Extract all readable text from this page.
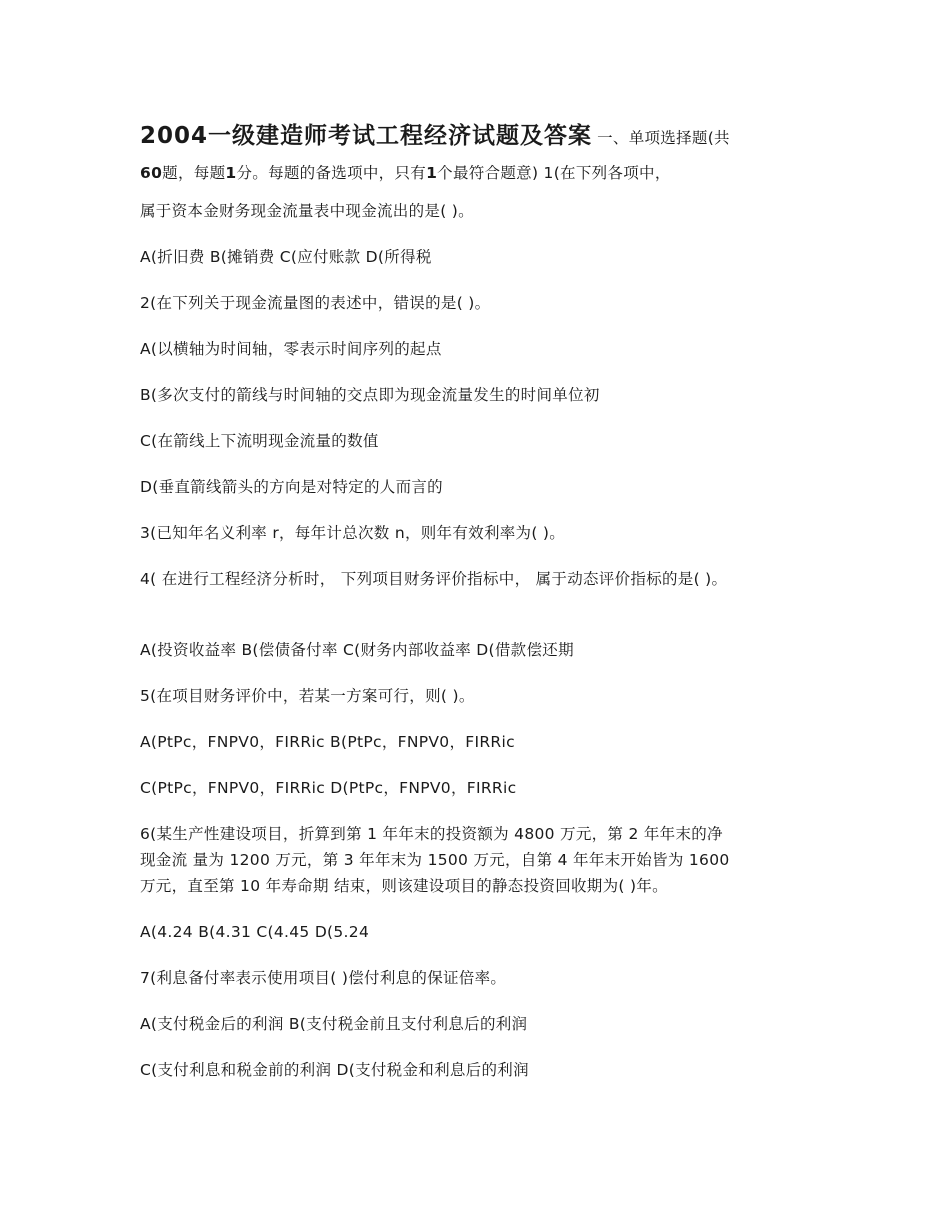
2004一级建造师考试工程经济试题及答案 一、单项选择题(共
60题，每题1分。每题的备选项中，只有1个最符合题意) 1(在下列各项中，
属于资本金财务现金流量表中现金流出的是( )。
A(折旧费 B(摊销费 C(应付账款 D(所得税
2(在下列关于现金流量图的表述中，错误的是( )。
A(以横轴为时间轴，零表示时间序列的起点
B(多次支付的箭线与时间轴的交点即为现金流量发生的时间单位初
C(在箭线上下流明现金流量的数值
D(垂直箭线箭头的方向是对特定的人而言的
3(已知年名义利率 r，每年计总次数 n，则年有效利率为( )。
4( 在进行工程经济分析时， 下列项目财务评价指标中， 属于动态评价指标的是( )。
A(投资收益率 B(偿债备付率 C(财务内部收益率 D(借款偿还期
5(在项目财务评价中，若某一方案可行，则( )。
A(PtPc，FNPV0，FIRRic B(PtPc，FNPV0，FIRRic
C(PtPc，FNPV0，FIRRic D(PtPc，FNPV0，FIRRic
6(某生产性建设项目，折算到第 1 年年末的投资额为 4800 万元，第 2 年年末的净
现金流 量为 1200 万元，第 3 年年末为 1500 万元，自第 4 年年末开始皆为 1600
万元，直至第 10 年寿命期 结束，则该建设项目的静态投资回收期为( )年。
A(4.24 B(4.31 C(4.45 D(5.24
7(利息备付率表示使用项目( )偿付利息的保证倍率。
A(支付税金后的利润 B(支付税金前且支付利息后的利润
C(支付利息和税金前的利润 D(支付税金和利息后的利润
